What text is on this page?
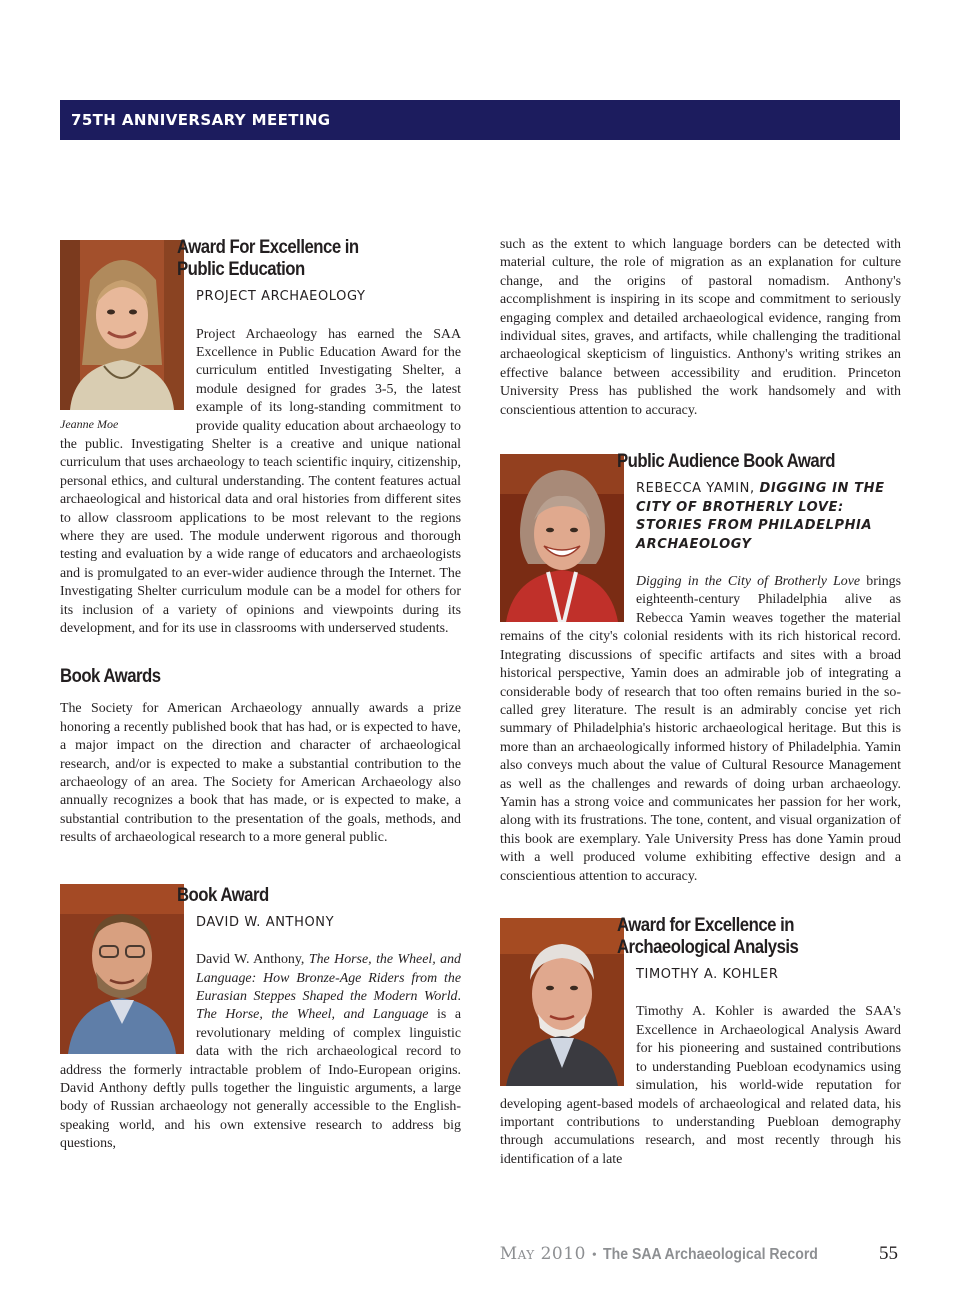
75TH ANNIVERSARY MEETING
Jeanne Moe
Award For Excellence in
Public Education
PROJECT ARCHAEOLOGY

Project Archaeology has earned the SAA Excellence in Public Education Award for the curriculum entitled Investigating Shelter, a module designed for grades 3-5, the latest example of its long-standing commitment to provide quality education about archaeology to the public. Investigating Shelter is a creative and unique national curriculum that uses archaeology to teach scientific inquiry, citizenship, personal ethics, and cultural understanding. The content features actual archaeological and historical data and oral histories from different sites to allow classroom applications to be most relevant to the regions where they are used. The module underwent rigorous and thorough testing and evaluation by a wide range of educators and archaeologists and is promulgated to an ever-wider audience through the Internet. The Investigating Shelter curriculum module can be a model for others for its inclusion of a variety of opinions and viewpoints during its development, and for its use in classrooms with underserved students.

Book Awards

The Society for American Archaeology annually awards a prize honoring a recently published book that has had, or is expected to have, a major impact on the direction and character of archaeological research, and/or is expected to make a substantial contribution to the archaeology of an area. The Society for American Archaeology also annually recognizes a book that has made, or is expected to make, a substantial contribution to the presentation of the goals, methods, and results of archaeological research to a more general public.

Book Award
DAVID W. ANTHONY

David W. Anthony, The Horse, the Wheel, and Language: How Bronze-Age Riders from the Eurasian Steppes Shaped the Modern World. The Horse, the Wheel, and Language is a revolutionary melding of complex linguistic data with the rich archaeological record to address the formerly intractable problem of Indo-European origins. David Anthony deftly pulls together the linguistic arguments, a large body of Russian archaeology not generally accessible to the English-speaking world, and his own extensive research to address big questions,

such as the extent to which language borders can be detected with material culture, the role of migration as an explanation for culture change, and the origins of pastoral nomadism. Anthony's accomplishment is inspiring in its scope and commitment to seriously engaging complex and detailed archaeological evidence, ranging from individual sites, graves, and artifacts, while challenging the traditional archaeological skepticism of linguistics. Anthony's writing strikes an effective balance between accessibility and erudition. Princeton University Press has published the work handsomely and with conscientious attention to accuracy.

Public Audience Book Award
REBECCA YAMIN, DIGGING IN THE CITY OF BROTHERLY LOVE: STORIES FROM PHILADELPHIA ARCHAEOLOGY

Digging in the City of Brotherly Love brings eighteenth-century Philadelphia alive as Rebecca Yamin weaves together the material remains of the city's colonial residents with its rich historical record. Integrating discussions of specific artifacts and sites with a broad historical perspective, Yamin does an admirable job of integrating a considerable body of research that too often remains buried in the so-called grey literature. The result is an admirably concise yet rich summary of Philadelphia's historic archaeological heritage. But this is more than an archaeologically informed history of Philadelphia. Yamin also conveys much about the value of Cultural Resource Management as well as the challenges and rewards of doing urban archaeology. Yamin has a strong voice and communicates her passion for her work, along with its frustrations. The tone, content, and visual organization of this book are exemplary. Yale University Press has done Yamin proud with a well produced volume exhibiting effective design and a conscientious attention to accuracy.

Award for Excellence in
Archaeological Analysis
TIMOTHY A. KOHLER

Timothy A. Kohler is awarded the SAA's Excellence in Archaeological Analysis Award for his pioneering and sustained contributions to understanding Puebloan ecodynamics using simulation, his world-wide reputation for developing agent-based models of archaeological and related data, his important contributions to understanding Puebloan demography through accumulations research, and most recently through his identification of a late

May 2010 • The SAA Archaeological Record	55
